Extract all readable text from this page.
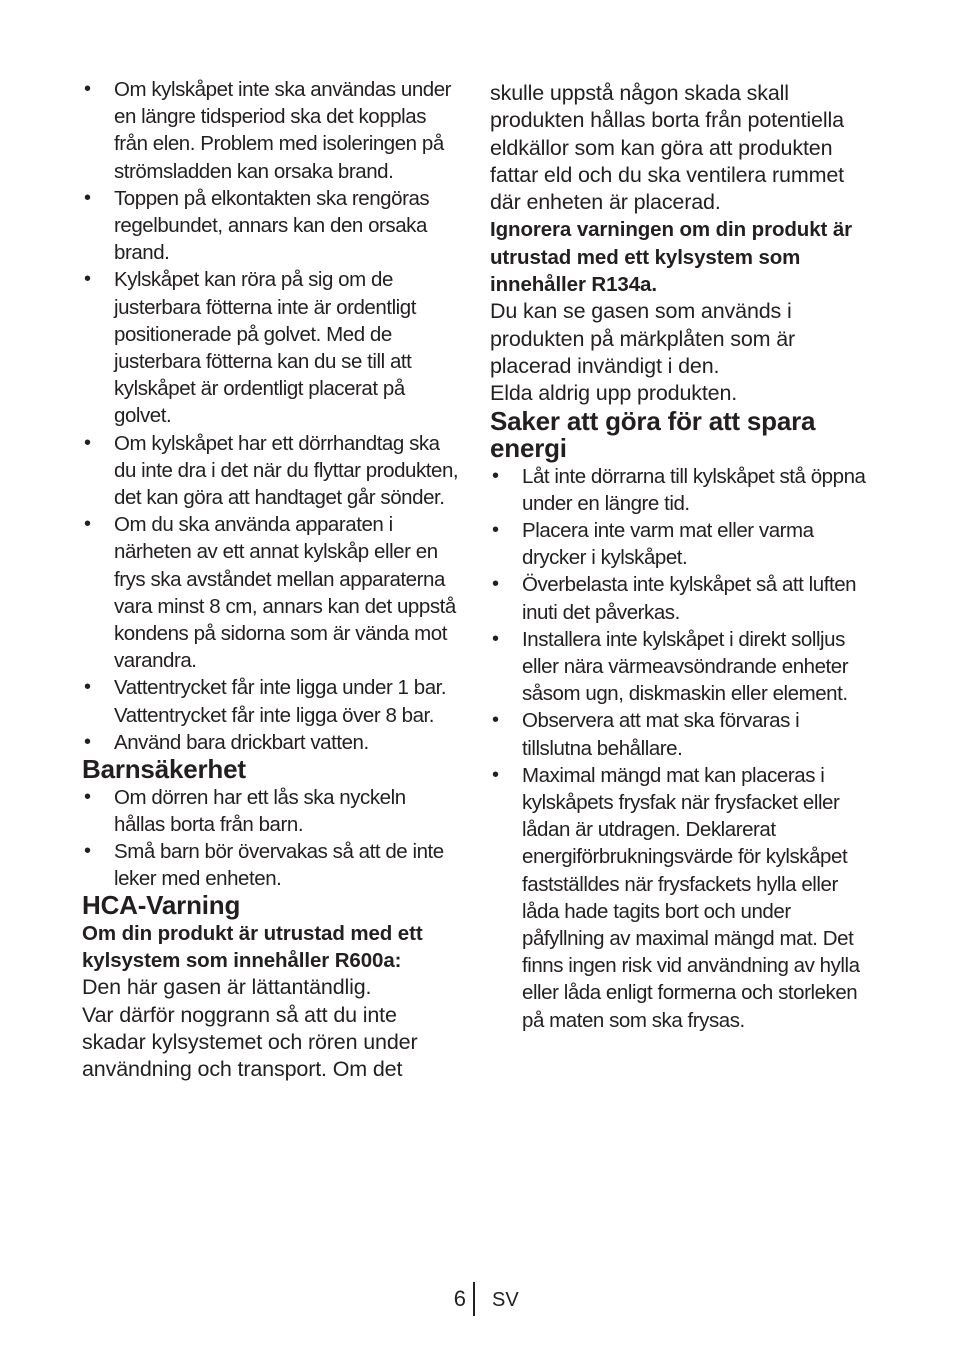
• Om kylskåpet inte ska användas under en längre tidsperiod ska det kopplas från elen. Problem med isoleringen på strömsladden kan orsaka brand.
• Toppen på elkontakten ska rengöras regelbundet, annars kan den orsaka brand.
• Kylskåpet kan röra på sig om de justerbara fötterna inte är ordentligt positionerade på golvet. Med de justerbara fötterna kan du se till att kylskåpet är ordentligt placerat på golvet.
• Om kylskåpet har ett dörrhandtag ska du inte dra i det när du flyttar produkten, det kan göra att handtaget går sönder.
• Om du ska använda apparaten i närheten av ett annat kylskåp eller en frys ska avståndet mellan apparaterna vara minst 8 cm, annars kan det uppstå kondens på sidorna som är vända mot varandra.
• Vattentrycket får inte ligga under 1 bar. Vattentrycket får inte ligga över 8 bar.
• Använd bara drickbart vatten.
Barnsäkerhet
• Om dörren har ett lås ska nyckeln hållas borta från barn.
• Små barn bör övervakas så att de inte leker med enheten.
HCA-Varning

Om din produkt är utrustad med ett kylsystem som innehåller R600a:

Den här gasen är lättantändlig.

Var därför noggrann så att du inte skadar kylsystemet och rören under användning och transport. Om det

skulle uppstå någon skada skall produkten hållas borta från potentiella eldkällor som kan göra att produkten fattar eld och du ska ventilera rummet där enheten är placerad.

Ignorera varningen om din produkt är utrustad med ett kylsystem som innehåller R134a.

Du kan se gasen som används i produkten på märkplåten som är placerad invändigt i den.

Elda aldrig upp produkten.

Saker att göra för att spara energi
• Låt inte dörrarna till kylskåpet stå öppna under en längre tid.
• Placera inte varm mat eller varma drycker i kylskåpet.
• Överbelasta inte kylskåpet så att luften inuti det påverkas.
• Installera inte kylskåpet i direkt solljus eller nära värmeavsöndrande enheter såsom ugn, diskmaskin eller element.
• Observera att mat ska förvaras i tillslutna behållare.
• Maximal mängd mat kan placeras i kylskåpets frysfak när frysfacket eller lådan är utdragen. Deklarerat energiförbrukningsvärde för kylskåpet fastställdes när frysfackets hylla eller låda hade tagits bort och under påfyllning av maximal mängd mat. Det finns ingen risk vid användning av hylla eller låda enligt formerna och storleken på maten som ska frysas.
6 SV
